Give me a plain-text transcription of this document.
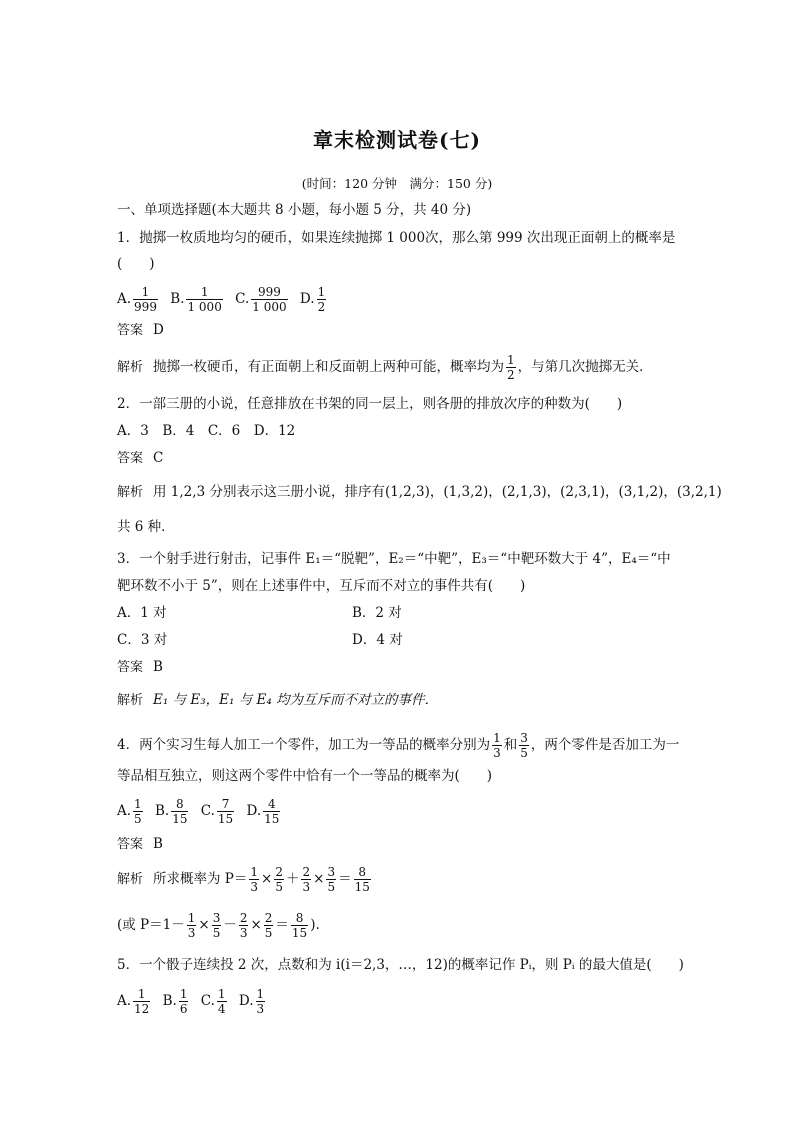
章末检测试卷(七)
(时间：120 分钟　满分：150 分)
一、单项选择题(本大题共 8 小题，每小题 5 分，共 40 分)
1．抛掷一枚质地均匀的硬币，如果连续抛掷 1 000次，那么第 999 次出现正面朝上的概率是
(　　)
A. $\frac{1}{999} B$. $\frac{1}{1 000} C$. $\frac{999}{1 000} D$. $\frac{1}{2}$
答案 D
解析 抛掷一枚硬币，有正面朝上和反面朝上两种可能，概率均为 $\frac{1}{2}$ ，与第几次抛掷无关．
2．一部三册的小说，任意排放在书架的同一层上，则各册的排放次序的种数为(　　)
A．3　B．4　C．6　D．12
答案 C
解析 用 1,2,3 分别表示这三册小说，排序有(1,2,3)，(1,3,2)，(2,1,3)，(2,3,1)，(3,1,2)，(3,2,1)
共 6 种．
3．一个射手进行射击，记事件 E₁＝“脱靶”，E₂＝“中靶”，E₃＝“中靶环数大于 4”，E₄＝“中
靶环数不小于 5”，则在上述事件中，互斥而不对立的事件共有(　　)
A．1 对	B．2 对
C．3 对	D．4 对
答案 B
解析 E₁ 与 E₃，E₁ 与 E₄ 均为互斥而不对立的事件．
4．两个实习生每人加工一个零件，加工为一等品的概率分别为 $\frac{1}{3}$ 和 $\frac{3}{5}$ ，两个零件是否加工为一
等品相互独立，则这两个零件中恰有一个一等品的概率为(　　)
A. $\frac{1}{5} B$. $\frac{8}{15} C$. $\frac{7}{15} D$. $\frac{4}{15}$
答案 B
解析 所求概率为 $P= \frac{1}{3} \times \frac{2}{5} + \frac{2}{3} \times \frac{3}{5} = \frac{8}{15}$
(或 $P=1- \frac{1}{3} \times \frac{3}{5} - \frac{2}{3} \times \frac{2}{5} = \frac{8}{15}$ ).
5．一个骰子连续投 2 次，点数和为 i(i＝2,3，…，12)的概率记作 Pᵢ，则 Pᵢ 的最大值是(　　)
A. $\frac{1}{12} B$. $\frac{1}{6} C$. $\frac{1}{4} D$. $\frac{1}{3}$
